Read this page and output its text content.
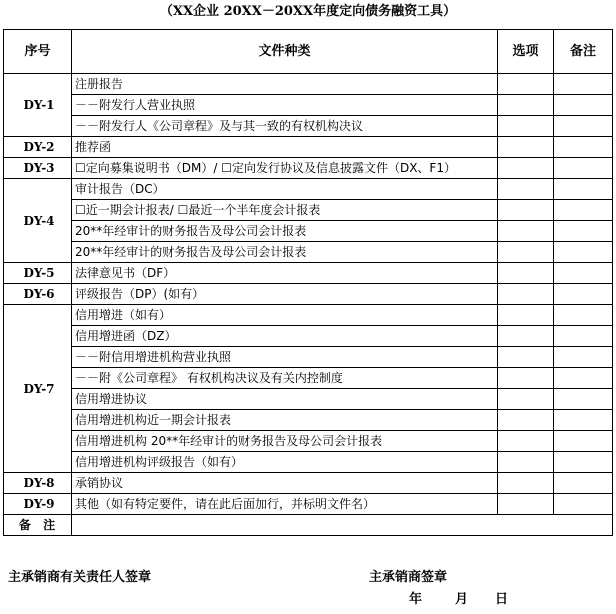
（XX企业 20XX－20XX年度定向债务融资工具）
序号	文件种类	选项	备注
DY-1	注册报告		
	－－附发行人营业执照		
	－－附发行人《公司章程》及与其一致的有权机构决议		
DY-2	推荐函		
DY-3	☐定向募集说明书（DM）/ ☐定向发行协议及信息披露文件（DX、F1）		
DY-4	审计报告（DC）		
	☐近一期会计报表/ ☐最近一个半年度会计报表		
	20**年经审计的财务报告及母公司会计报表		
	20**年经审计的财务报告及母公司会计报表		
DY-5	法律意见书（DF）		
DY-6	评级报告（DP）(如有）		
DY-7	信用增进（如有）		
	信用增进函（DZ）		
	－－附信用增进机构营业执照		
	－－附《公司章程》 有权机构决议及有关内控制度		
	信用增进协议		
	信用增进机构近一期会计报表		
	信用增进机构 20**年经审计的财务报告及母公司会计报表		
	信用增进机构评级报告（如有）		
DY-8	承销协议		
DY-9	其他（如有特定要件，请在此后面加行，并标明文件名）		
备 注			
主承销商有关责任人签章	主承销商签章
年	月 日
